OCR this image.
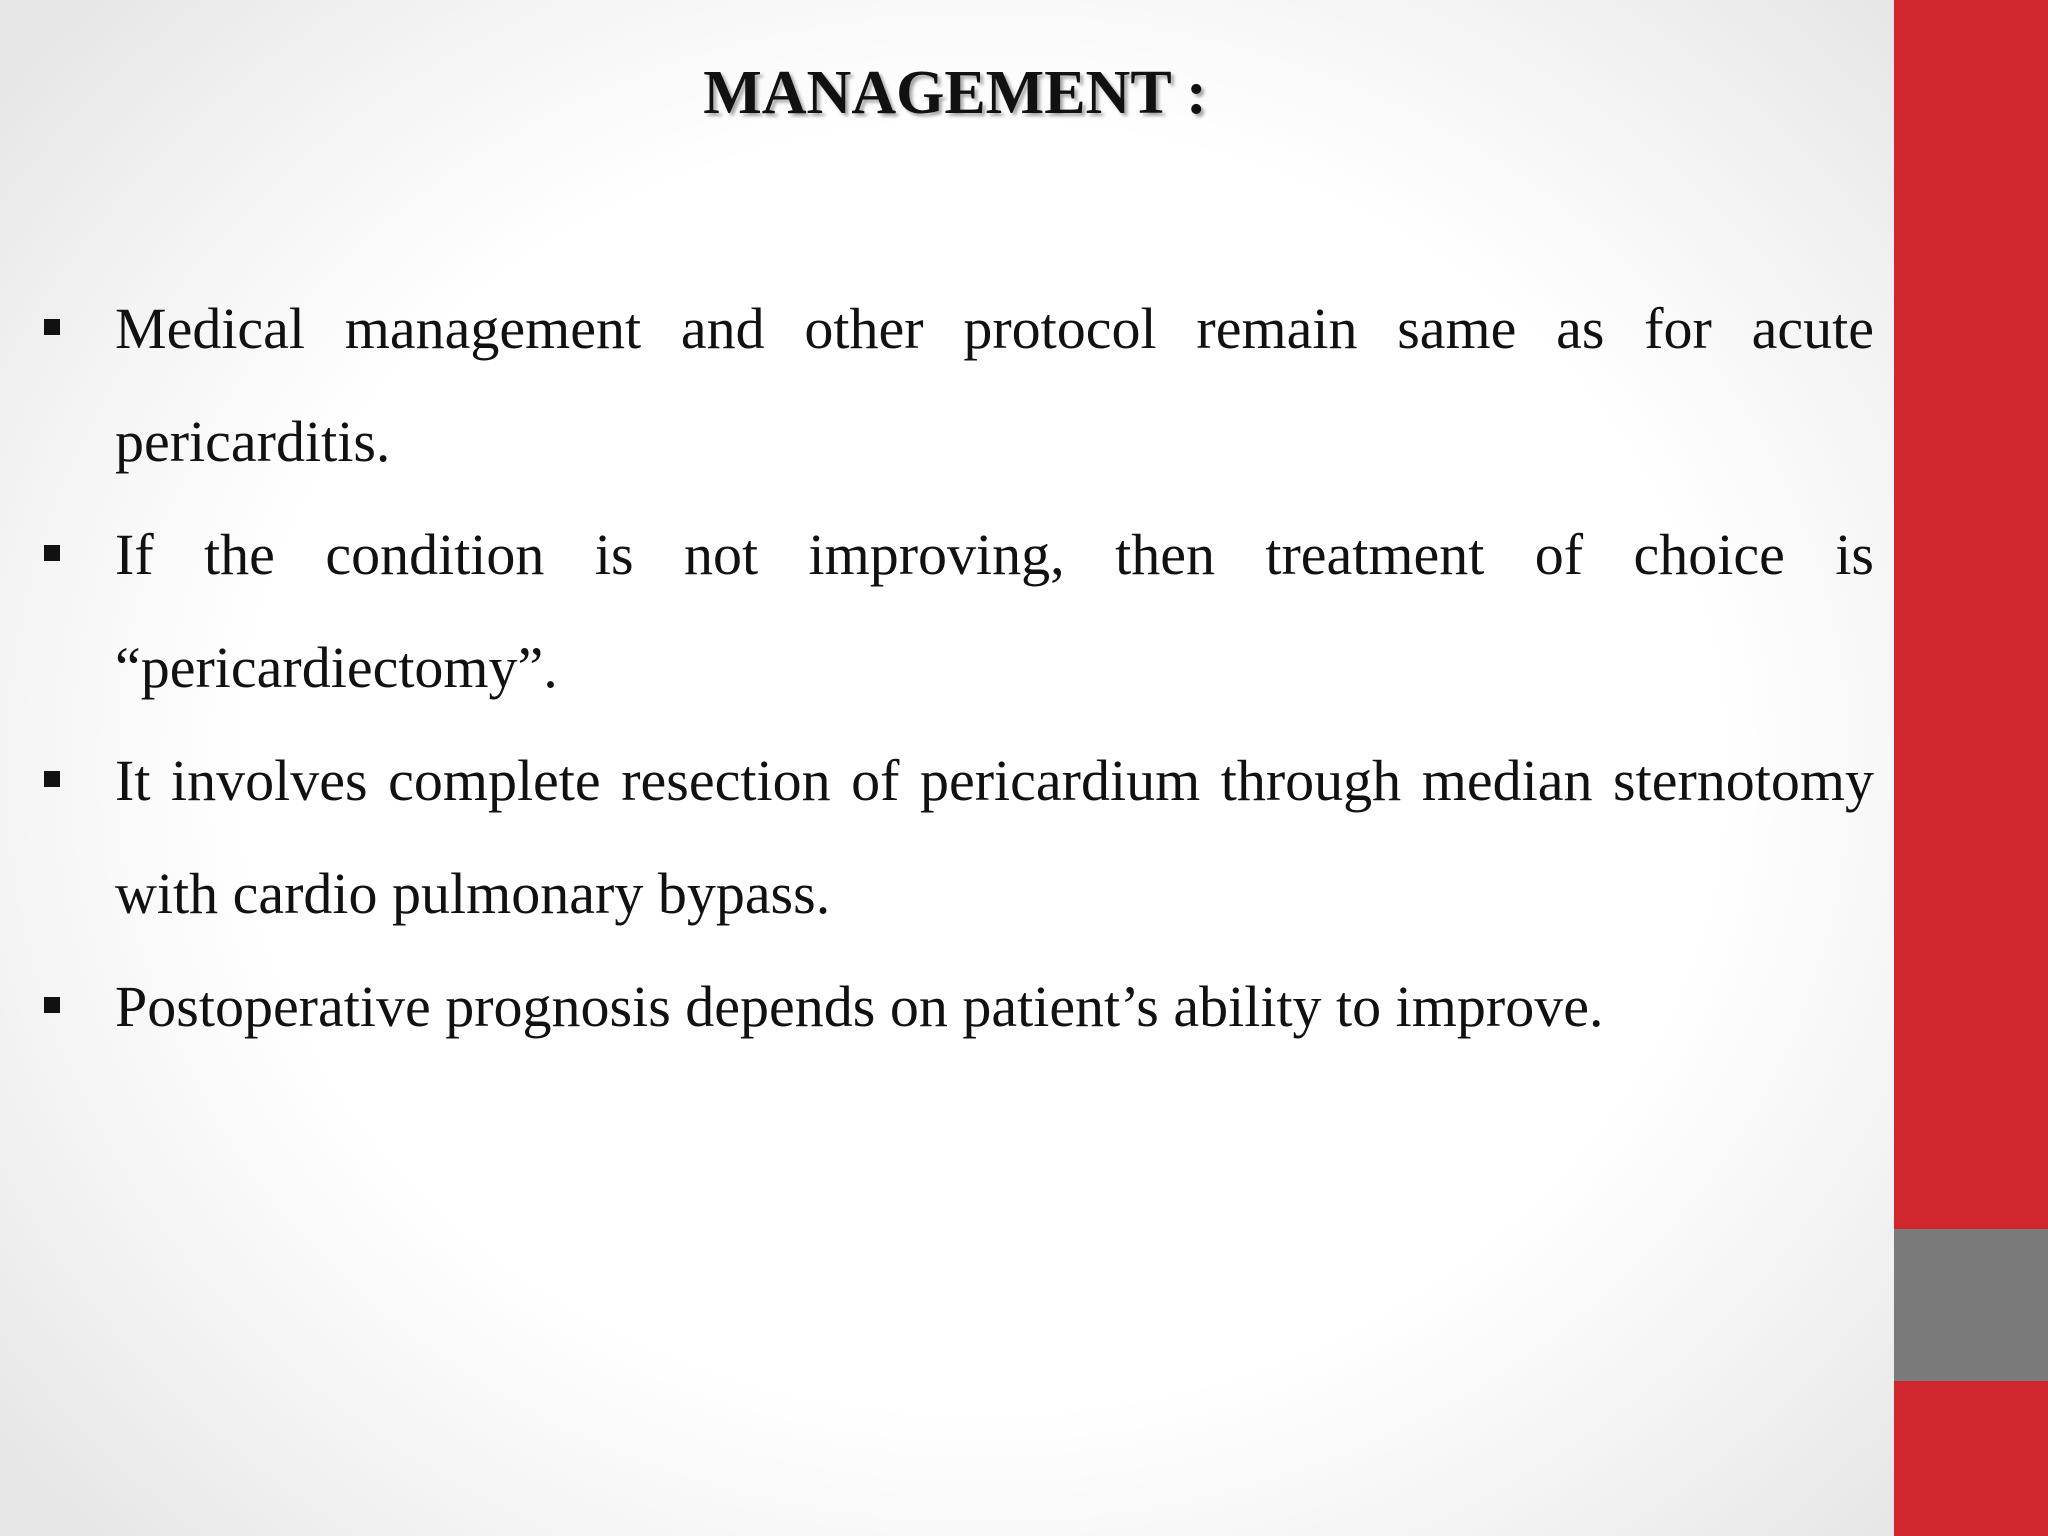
MANAGEMENT :
Medical management and other protocol remain same as for acute pericarditis.
If the condition is not improving, then treatment of choice is “pericardiectomy”.
It involves complete resection of pericardium through median sternotomy with cardio pulmonary bypass.
Postoperative prognosis depends on patient’s ability to improve.
